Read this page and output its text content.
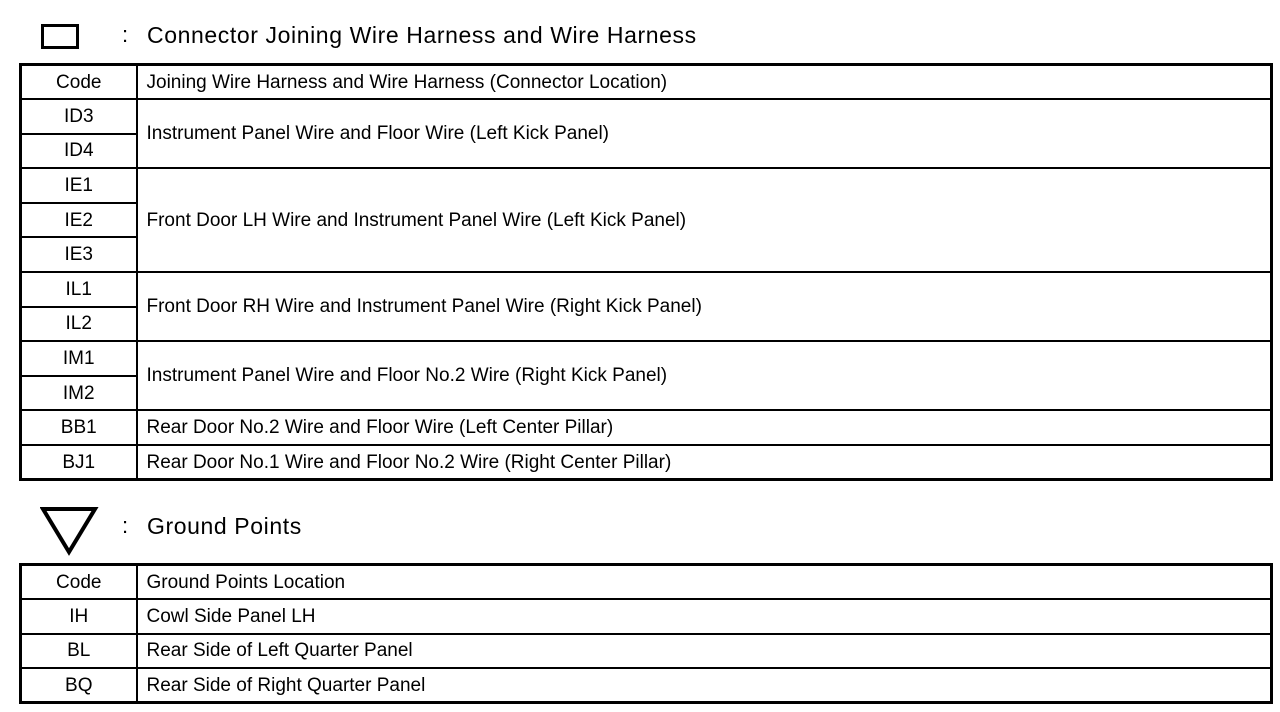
: Connector Joining Wire Harness and Wire Harness
Code	Joining Wire Harness and Wire Harness (Connector Location)
ID3	Instrument Panel Wire and Floor Wire (Left Kick Panel)
ID4	
IE1	Front Door LH Wire and Instrument Panel Wire (Left Kick Panel)
IE2	
IE3	
IL1	Front Door RH Wire and Instrument Panel Wire (Right Kick Panel)
IL2	
IM1	Instrument Panel Wire and Floor No.2 Wire (Right Kick Panel)
IM2	
BB1	Rear Door No.2 Wire and Floor Wire (Left Center Pillar)
BJ1	Rear Door No.1 Wire and Floor No.2 Wire (Right Center Pillar)
: Ground Points
Code	Ground Points Location
IH	Cowl Side Panel LH
BL	Rear Side of Left Quarter Panel
BQ	Rear Side of Right Quarter Panel
